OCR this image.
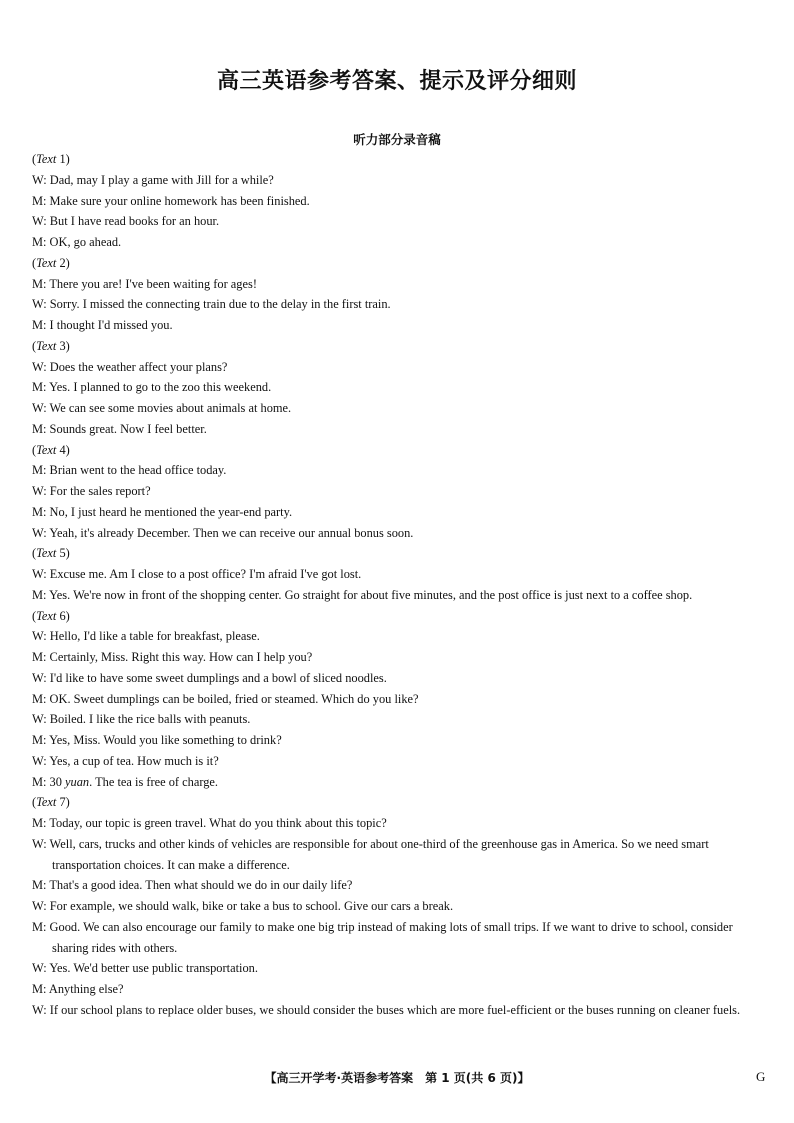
高三英语参考答案、提示及评分细则
听力部分录音稿

(Text 1)

W: Dad, may I play a game with Jill for a while?

M: Make sure your online homework has been finished.

W: But I have read books for an hour.

M: OK, go ahead.

(Text 2)

M: There you are! I've been waiting for ages!

W: Sorry. I missed the connecting train due to the delay in the first train.

M: I thought I'd missed you.

(Text 3)

W: Does the weather affect your plans?

M: Yes. I planned to go to the zoo this weekend.

W: We can see some movies about animals at home.

M: Sounds great. Now I feel better.

(Text 4)

M: Brian went to the head office today.

W: For the sales report?

M: No, I just heard he mentioned the year-end party.

W: Yeah, it's already December. Then we can receive our annual bonus soon.

(Text 5)

W: Excuse me. Am I close to a post office? I'm afraid I've got lost.

M: Yes. We're now in front of the shopping center. Go straight for about five minutes, and the post office is just next to a coffee shop.

(Text 6)

W: Hello, I'd like a table for breakfast, please.

M: Certainly, Miss. Right this way. How can I help you?

W: I'd like to have some sweet dumplings and a bowl of sliced noodles.

M: OK. Sweet dumplings can be boiled, fried or steamed. Which do you like?

W: Boiled. I like the rice balls with peanuts.

M: Yes, Miss. Would you like something to drink?

W: Yes, a cup of tea. How much is it?

M: 30 yuan. The tea is free of charge.

(Text 7)

M: Today, our topic is green travel. What do you think about this topic?

W: Well, cars, trucks and other kinds of vehicles are responsible for about one-third of the greenhouse gas in America. So we need smart transportation choices. It can make a difference.

M: That's a good idea. Then what should we do in our daily life?

W: For example, we should walk, bike or take a bus to school. Give our cars a break.

M: Good. We can also encourage our family to make one big trip instead of making lots of small trips. If we want to drive to school, consider sharing rides with others.

W: Yes. We'd better use public transportation.

M: Anything else?

W: If our school plans to replace older buses, we should consider the buses which are more fuel-efficient or the buses running on cleaner fuels.

【高三开学考·英语参考答案　第 1 页(共 6 页)】	G
